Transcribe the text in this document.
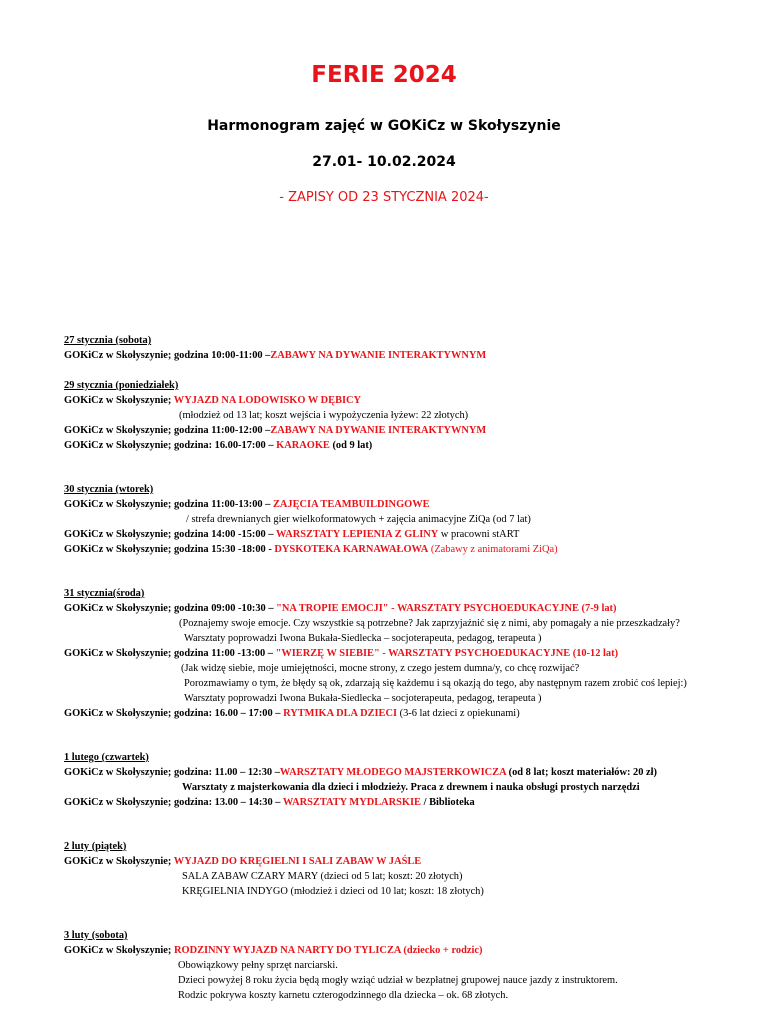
FERIE 2024

Harmonogram zajęć w GOKiCz w Skołyszynie

27.01- 10.02.2024

- ZAPISY OD 23 STYCZNIA 2024-

27 stycznia (sobota)
GOKiCz w Skołyszynie; godzina 10:00-11:00 –ZABAWY NA DYWANIE INTERAKTYWNYM
29 stycznia (poniedziałek)
GOKiCz w Skołyszynie; WYJAZD NA LODOWISKO W DĘBICY
(młodzież od 13 lat; koszt wejścia i wypożyczenia łyżew: 22 złotych)
GOKiCz w Skołyszynie; godzina 11:00-12:00 –ZABAWY NA DYWANIE INTERAKTYWNYM
GOKiCz w Skołyszynie; godzina: 16.00-17:00 – KARAOKE (od 9 lat)
30 stycznia (wtorek)
GOKiCz w Skołyszynie; godzina 11:00-13:00 – ZAJĘCIA TEAMBUILDINGOWE
/ strefa drewnianych gier wielkoformatowych + zajęcia animacyjne ZiQa (od 7 lat)
GOKiCz w Skołyszynie; godzina 14:00 -15:00 – WARSZTATY LEPIENIA Z GLINY w pracowni stART
GOKiCz w Skołyszynie; godzina 15:30 -18:00 - DYSKOTEKA KARNAWAŁOWA (Zabawy z animatorami ZiQa)
31 stycznia(środa)
GOKiCz w Skołyszynie; godzina 09:00 -10:30 – "NA TROPIE EMOCJI" - WARSZTATY PSYCHOEDUKACYJNE (7-9 lat)
(Poznajemy swoje emocje. Czy wszystkie są potrzebne? Jak zaprzyjaźnić się z nimi, aby pomagały a nie przeszkadzały?
Warsztaty poprowadzi Iwona Bukała-Siedlecka – socjoterapeuta, pedagog, terapeuta )
GOKiCz w Skołyszynie; godzina 11:00 -13:00 – "WIERZĘ W SIEBIE" - WARSZTATY PSYCHOEDUKACYJNE (10-12 lat)
(Jak widzę siebie, moje umiejętności, mocne strony, z czego jestem dumna/y, co chcę rozwijać?
Porozmawiamy o tym, że błędy są ok, zdarzają się każdemu i są okazją do tego, aby następnym razem zrobić coś lepiej:)
Warsztaty poprowadzi Iwona Bukała-Siedlecka – socjoterapeuta, pedagog, terapeuta )
GOKiCz w Skołyszynie; godzina: 16.00 – 17:00 – RYTMIKA DLA DZIECI (3-6 lat dzieci z opiekunami)
1 lutego (czwartek)
GOKiCz w Skołyszynie; godzina: 11.00 – 12:30 –WARSZTATY MŁODEGO MAJSTERKOWICZA (od 8 lat; koszt materiałów: 20 zł)
Warsztaty z majsterkowania dla dzieci i młodzieży. Praca z drewnem i nauka obsługi prostych narzędzi
GOKiCz w Skołyszynie; godzina: 13.00 – 14:30 – WARSZTATY MYDLARSKIE / Biblioteka
2 luty (piątek)
GOKiCz w Skołyszynie; WYJAZD DO KRĘGIELNI I SALI ZABAW W JAŚLE
SALA ZABAW CZARY MARY (dzieci od 5 lat; koszt: 20 złotych)
KRĘGIELNIA INDYGO (młodzież i dzieci od 10 lat; koszt: 18 złotych)
3 luty (sobota)
GOKiCz w Skołyszynie; RODZINNY WYJAZD NA NARTY DO TYLICZA (dziecko + rodzic)
Obowiązkowy pełny sprzęt narciarski.
Dzieci powyżej 8 roku życia będą mogły wziąć udział w bezpłatnej grupowej nauce jazdy z instruktorem.
Rodzic pokrywa koszty karnetu czterogodzinnego dla dziecka – ok. 68 złotych.
